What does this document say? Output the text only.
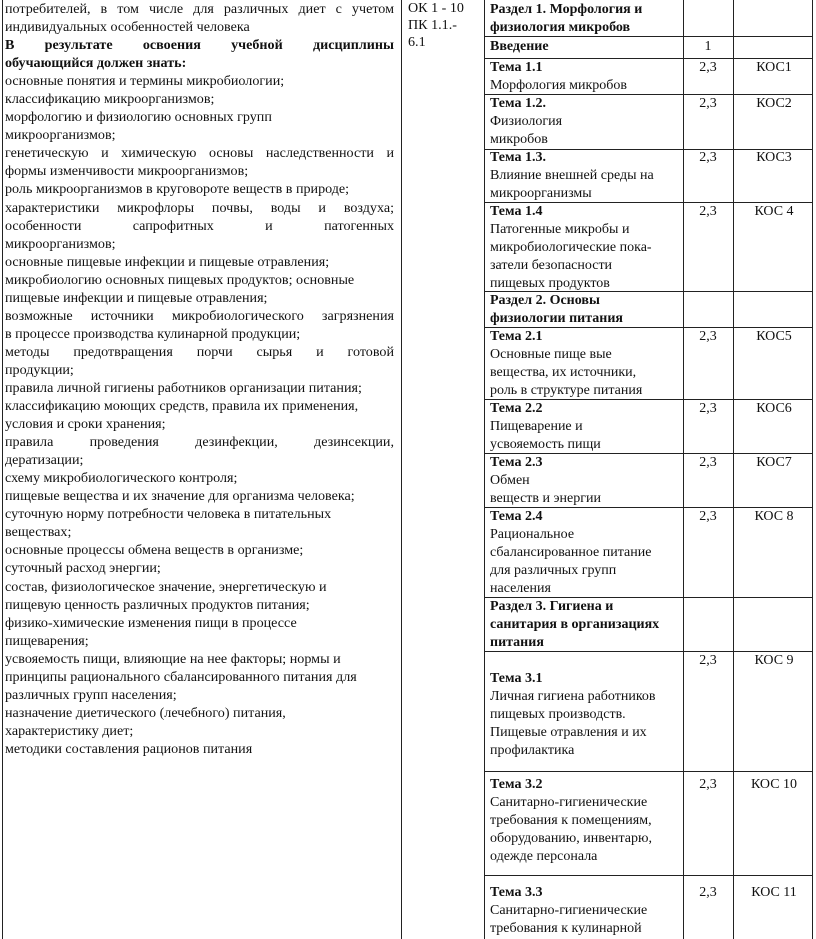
потребителей, в том числе для различных диет с учетом
индивидуальных особенностей человека
В результате освоения учебной дисциплины
обучающийся должен знать:
основные понятия и термины микробиологии;
классификацию микроорганизмов;
морфологию и физиологию основных групп
микроорганизмов;
генетическую и химическую основы наследственности и
формы изменчивости микроорганизмов;
роль микроорганизмов в круговороте веществ в природе;
характеристики микрофлоры почвы, воды и воздуха;
особенности сапрофитных и патогенных
микроорганизмов;
основные пищевые инфекции и пищевые отравления;
микробиологию основных пищевых продуктов; основные
пищевые инфекции и пищевые отравления;
возможные источники микробиологического загрязнения
в процессе производства кулинарной продукции;
методы предотвращения порчи сырья и готовой
продукции;
правила личной гигиены работников организации питания;
классификацию моющих средств, правила их применения,
условия и сроки хранения;
правила проведения дезинфекции, дезинсекции,
дератизации;
схему микробиологического контроля;
пищевые вещества и их значение для организма человека;
суточную норму потребности человека в питательных
веществах;
основные процессы обмена веществ в организме;
суточный расход энергии;
состав, физиологическое значение, энергетическую и
пищевую ценность различных продуктов питания;
физико-химические изменения пищи в процессе
пищеварения;
усвояемость пищи, влияющие на нее факторы; нормы и
принципы рационального сбалансированного питания для
различных групп населения;
назначение диетического (лечебного) питания,
характеристику диет;
методики составления рационов питания
ОК 1 - 10
ПК 1.1.-
6.1
Раздел 1. Морфология и
физиология микробов
Введение	1
Тема 1.1
Морфология микробов
2,3	КОС1
Тема 1.2.
Физиология
микробов
2,3	КОС2
Тема 1.3.
Влияние внешней среды на
микроорганизмы
2,3	КОС3
Тема 1.4
Патогенные микробы и
микробиологические пока-
затели безопасности
пищевых продуктов
2,3	КОС 4
Раздел 2. Основы
физиологии питания
Тема 2.1
Основные пище вые
вещества, их источники,
роль в структуре питания
2,3	КОС5
Тема 2.2
Пищеварение и
усвояемость пищи
2,3	КОС6
Тема 2.3
Обмен
веществ и энергии
2,3	КОС7
Тема 2.4
Рациональное
сбалансированное питание
для различных групп
населения
2,3	КОС 8
Раздел 3. Гигиена и
санитария в организациях
питания
Тема 3.1
Личная гигиена работников
пищевых производств.
Пищевые отравления и их
профилактика
2,3	КОС 9
Тема 3.2
Санитарно-гигиенические
требования к помещениям,
оборудованию, инвентарю,
одежде персонала
2,3	КОС 10
Тема 3.3
Санитарно-гигиенические
требования к кулинарной
2,3	КОС 11
